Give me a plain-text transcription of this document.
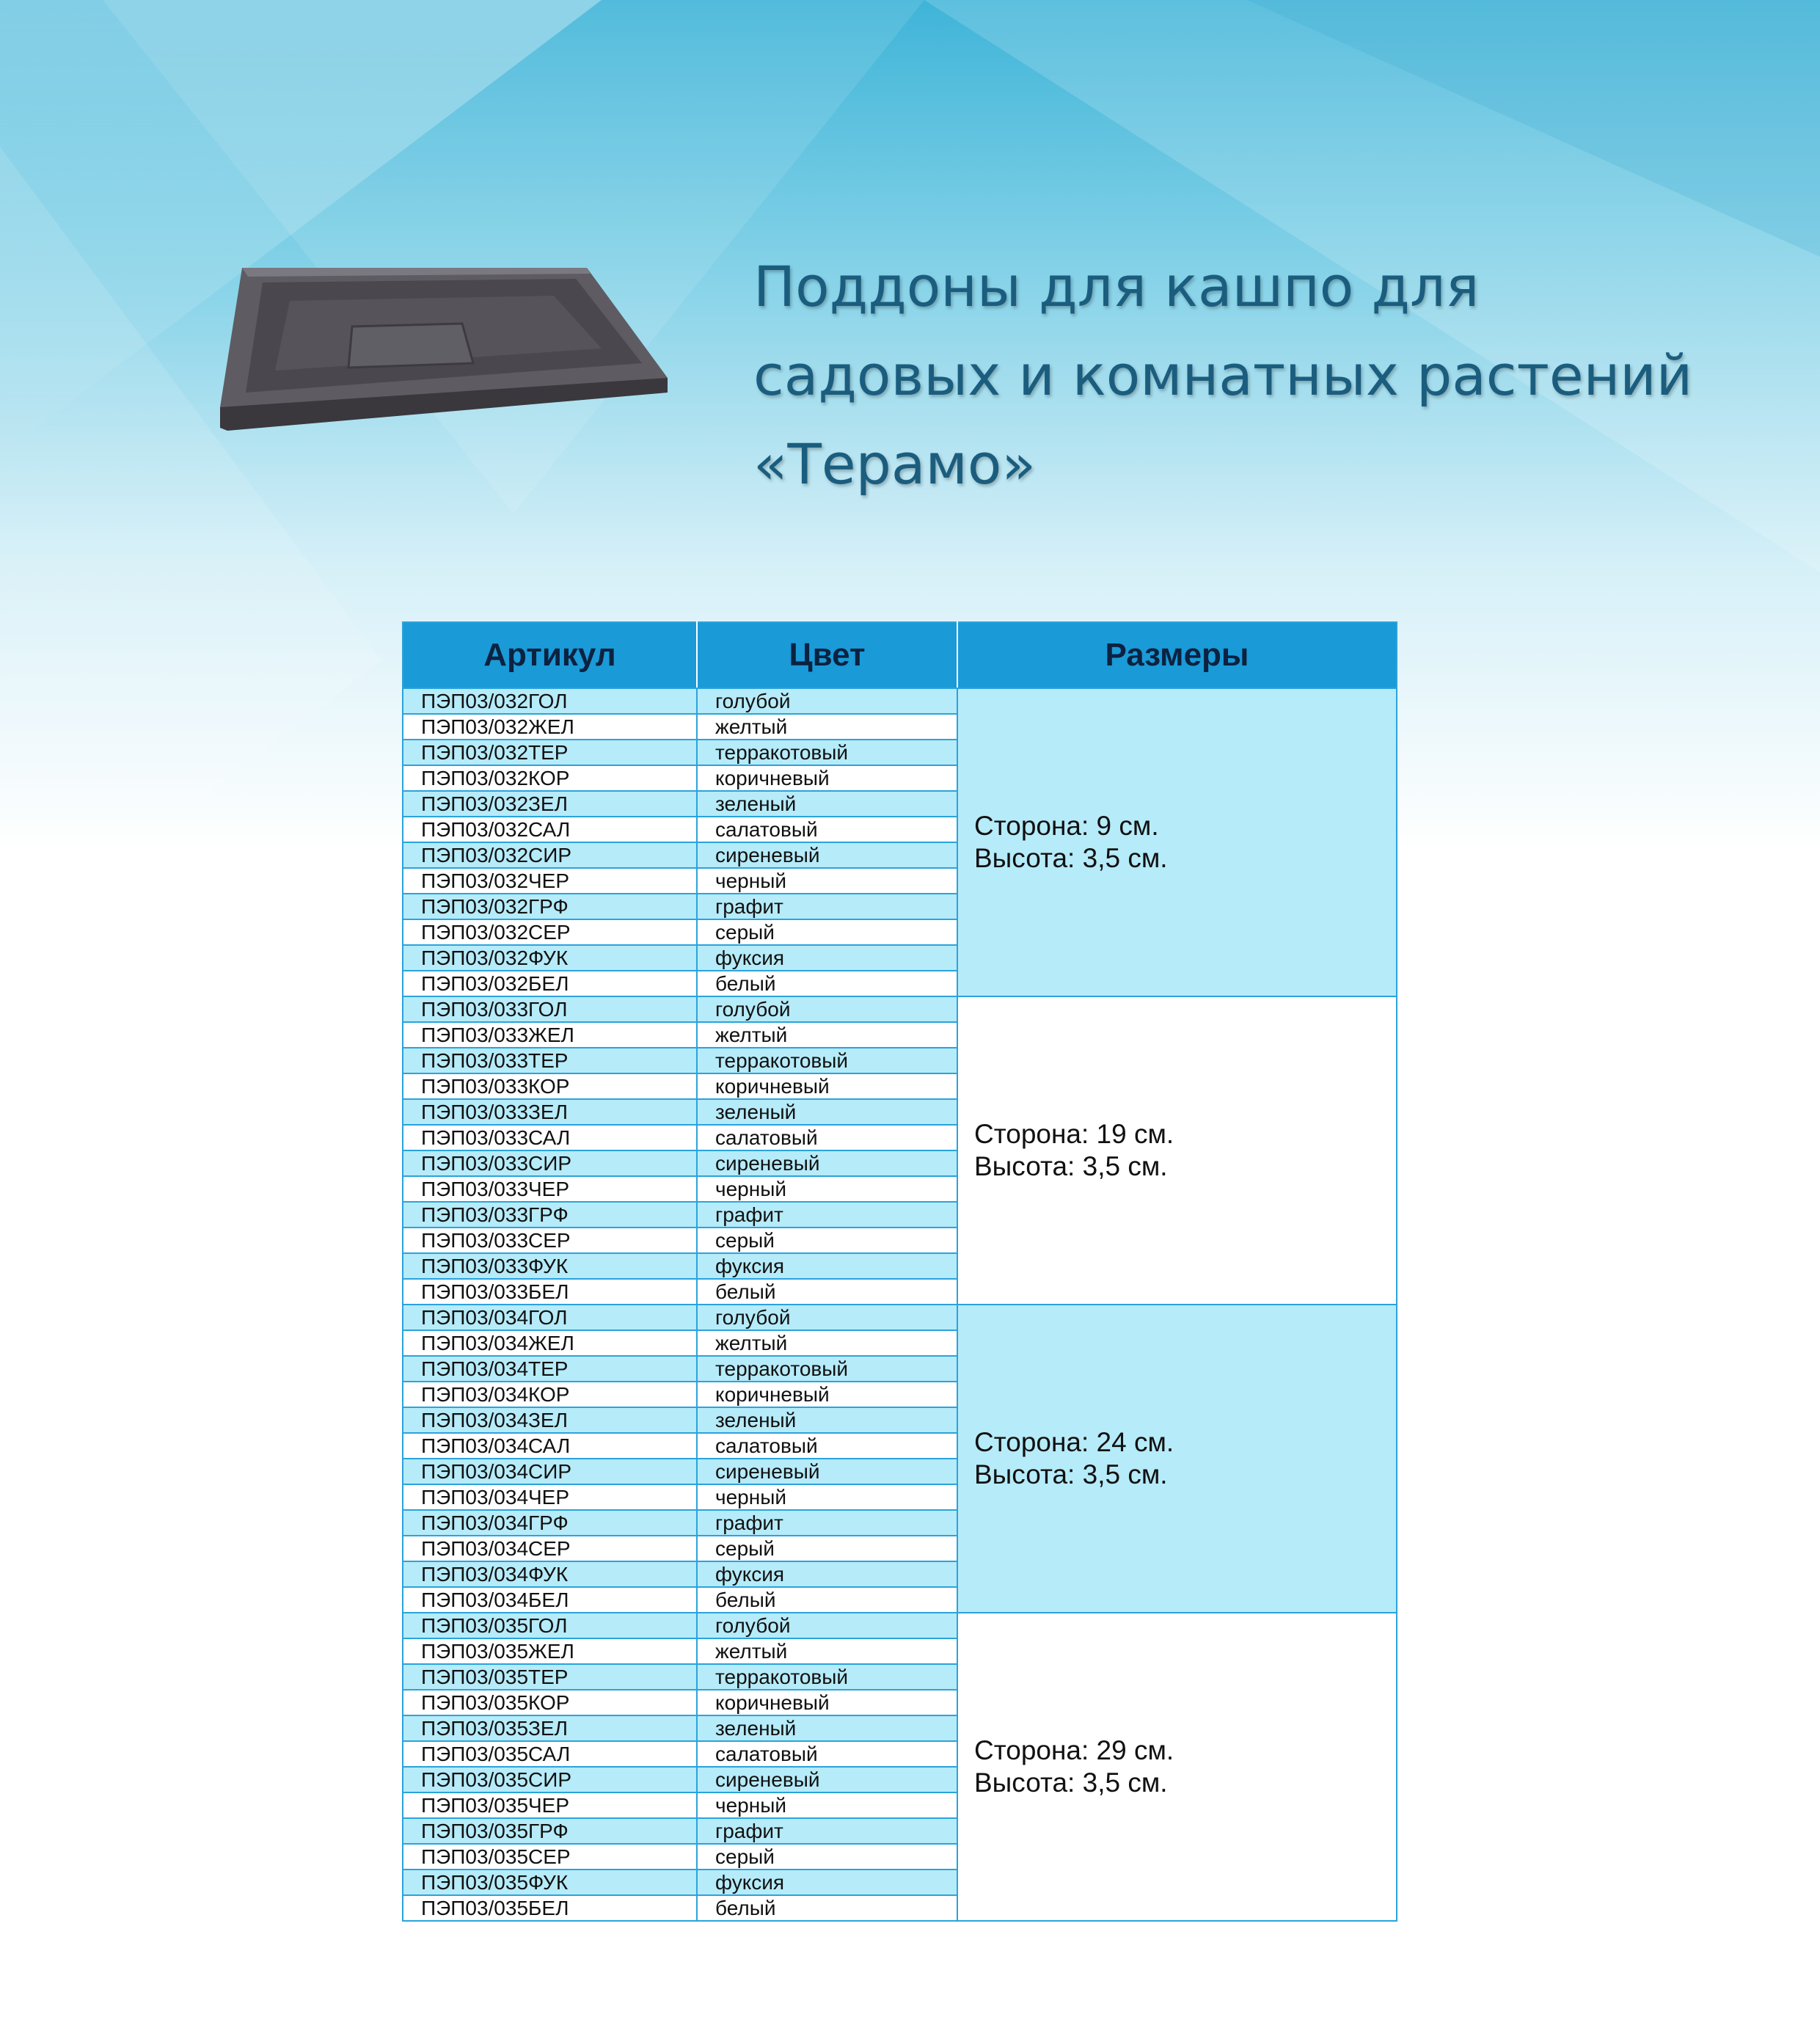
Поддоны для кашпо для
садовых и комнатных растений
«Терамо»
Артикул	Цвет	Размеры
ПЭП03/032ГОЛ	голубой	Сторона: 9 см.
Высота: 3,5 см.

ПЭП03/032ЖЕЛ	желтый	
ПЭП03/032ТЕР	терракотовый	
ПЭП03/032КОР	коричневый	
ПЭП03/032ЗЕЛ	зеленый	
ПЭП03/032САЛ	салатовый	
ПЭП03/032СИР	сиреневый	
ПЭП03/032ЧЕР	черный	
ПЭП03/032ГРФ	графит	
ПЭП03/032СЕР	серый	
ПЭП03/032ФУК	фуксия	
ПЭП03/032БЕЛ	белый	
ПЭП03/033ГОЛ	голубой	Сторона: 19 см.
Высота: 3,5 см.

ПЭП03/033ЖЕЛ	желтый	
ПЭП03/033ТЕР	терракотовый	
ПЭП03/033КОР	коричневый	
ПЭП03/033ЗЕЛ	зеленый	
ПЭП03/033САЛ	салатовый	
ПЭП03/033СИР	сиреневый	
ПЭП03/033ЧЕР	черный	
ПЭП03/033ГРФ	графит	
ПЭП03/033СЕР	серый	
ПЭП03/033ФУК	фуксия	
ПЭП03/033БЕЛ	белый	
ПЭП03/034ГОЛ	голубой	Сторона: 24 см.
Высота: 3,5 см.

ПЭП03/034ЖЕЛ	желтый	
ПЭП03/034ТЕР	терракотовый	
ПЭП03/034КОР	коричневый	
ПЭП03/034ЗЕЛ	зеленый	
ПЭП03/034САЛ	салатовый	
ПЭП03/034СИР	сиреневый	
ПЭП03/034ЧЕР	черный	
ПЭП03/034ГРФ	графит	
ПЭП03/034СЕР	серый	
ПЭП03/034ФУК	фуксия	
ПЭП03/034БЕЛ	белый	
ПЭП03/035ГОЛ	голубой	Сторона: 29 см.
Высота: 3,5 см.

ПЭП03/035ЖЕЛ	желтый	
ПЭП03/035ТЕР	терракотовый	
ПЭП03/035КОР	коричневый	
ПЭП03/035ЗЕЛ	зеленый	
ПЭП03/035САЛ	салатовый	
ПЭП03/035СИР	сиреневый	
ПЭП03/035ЧЕР	черный	
ПЭП03/035ГРФ	графит	
ПЭП03/035СЕР	серый	
ПЭП03/035ФУК	фуксия	
ПЭП03/035БЕЛ	белый	
